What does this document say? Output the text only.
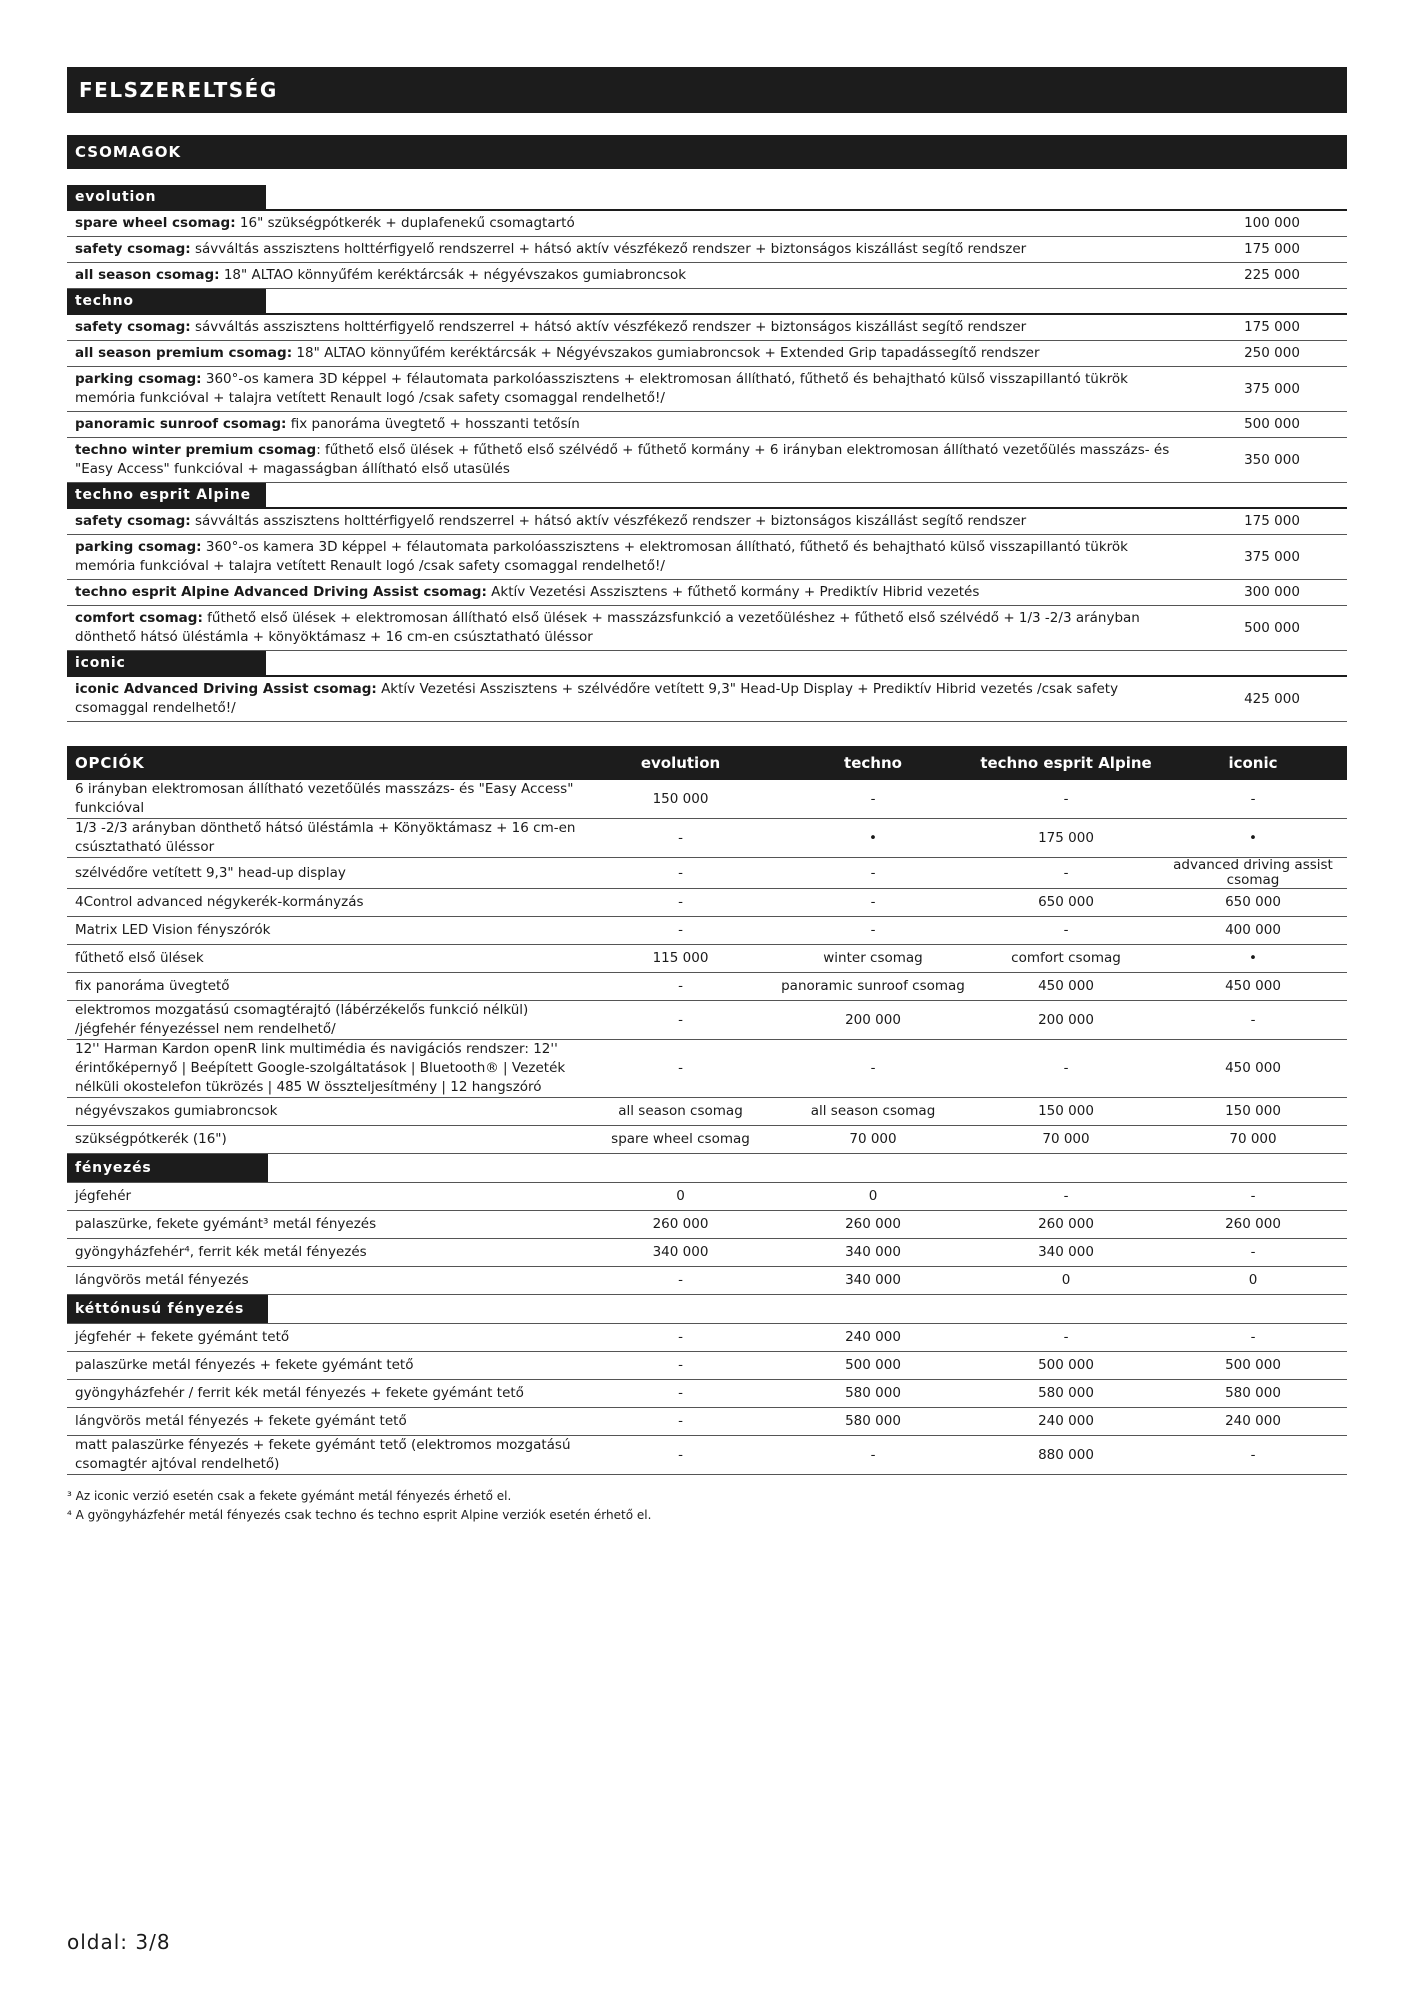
FELSZERELTSÉG
CSOMAGOK
evolution
spare wheel csomag: 16" szükségpótkerék + duplafenekű csomagtartó	100 000
safety csomag: sávváltás asszisztens holttérfigyelő rendszerrel + hátsó aktív vészfékező rendszer + biztonságos kiszállást segítő rendszer	175 000
all season csomag: 18" ALTAO könnyűfém keréktárcsák + négyévszakos gumiabroncsok	225 000
techno
safety csomag: sávváltás asszisztens holttérfigyelő rendszerrel + hátsó aktív vészfékező rendszer + biztonságos kiszállást segítő rendszer	175 000
all season premium csomag: 18" ALTAO könnyűfém keréktárcsák + Négyévszakos gumiabroncsok + Extended Grip tapadássegítő rendszer	250 000
parking csomag: 360°-os kamera 3D képpel + félautomata parkolóasszisztens + elektromosan állítható, fűthető és behajtható külső visszapillantó tükrök memória funkcióval + talajra vetített Renault logó /csak safety csomaggal rendelhető!/
375 000
panoramic sunroof csomag: fix panoráma üvegtető + hosszanti tetősín	500 000
techno winter premium csomag: fűthető első ülések + fűthető első szélvédő + fűthető kormány + 6 irányban elektromosan állítható vezetőülés masszázs- és "Easy Access" funkcióval + magasságban állítható első utasülés
350 000
techno esprit Alpine
safety csomag: sávváltás asszisztens holttérfigyelő rendszerrel + hátsó aktív vészfékező rendszer + biztonságos kiszállást segítő rendszer	175 000
parking csomag: 360°-os kamera 3D képpel + félautomata parkolóasszisztens + elektromosan állítható, fűthető és behajtható külső visszapillantó tükrök memória funkcióval + talajra vetített Renault logó /csak safety csomaggal rendelhető!/
375 000
techno esprit Alpine Advanced Driving Assist csomag: Aktív Vezetési Asszisztens + fűthető kormány + Prediktív Hibrid vezetés	300 000
comfort csomag: fűthető első ülések + elektromosan állítható első ülések + masszázsfunkció a vezetőüléshez + fűthető első szélvédő + 1/3 -2/3 arányban dönthető hátsó üléstámla + könyöktámasz + 16 cm-en csúsztatható üléssor
500 000
iconic
iconic Advanced Driving Assist csomag: Aktív Vezetési Asszisztens + szélvédőre vetített 9,3" Head-Up Display + Prediktív Hibrid vezetés /csak safety csomaggal rendelhető!/
425 000
OPCIÓK	evolution	techno	techno esprit Alpine	iconic
6 irányban elektromosan állítható vezetőülés masszázs- és "Easy Access" funkcióval
150 000	-	-	-
1/3 -2/3 arányban dönthető hátsó üléstámla + Könyöktámasz + 16 cm-en csúsztatható üléssor
-	•	175 000	•
szélvédőre vetített 9,3" head-up display	-	-	-	advanced driving assist csomag
4Control advanced négykerék-kormányzás	-	-	650 000	650 000
Matrix LED Vision fényszórók	-	-	-	400 000
fűthető első ülések	115 000	winter csomag	comfort csomag	•
fix panoráma üvegtető	-	panoramic sunroof csomag	450 000	450 000
elektromos mozgatású csomagtérajtó (lábérzékelős funkció nélkül) /jégfehér fényezéssel nem rendelhető/
-	200 000	200 000	-
12'' Harman Kardon openR link multimédia és navigációs rendszer: 12'' érintőképernyő | Beépített Google-szolgáltatások | Bluetooth® | Vezeték nélküli okostelefon tükrözés | 485 W összteljesítmény | 12 hangszóró
-	-	-	450 000
négyévszakos gumiabroncsok	all season csomag	all season csomag	150 000	150 000
szükségpótkerék (16")	spare wheel csomag	70 000	70 000	70 000
fényezés
jégfehér	0	0	-	-
palaszürke, fekete gyémánt³ metál fényezés	260 000	260 000	260 000	260 000
gyöngyházfehér⁴, ferrit kék metál fényezés	340 000	340 000	340 000	-
lángvörös metál fényezés	-	340 000	0	0
kéttónusú fényezés
jégfehér + fekete gyémánt tető	-	240 000	-	-
palaszürke metál fényezés + fekete gyémánt tető	-	500 000	500 000	500 000
gyöngyházfehér / ferrit kék metál fényezés + fekete gyémánt tető	-	580 000	580 000	580 000
lángvörös metál fényezés + fekete gyémánt tető	-	580 000	240 000	240 000
matt palaszürke fényezés + fekete gyémánt tető (elektromos mozgatású csomagtér ajtóval rendelhető)
-	-	880 000	-
³ Az iconic verzió esetén csak a fekete gyémánt metál fényezés érhető el.
⁴ A gyöngyházfehér metál fényezés csak techno és techno esprit Alpine verziók esetén érhető el.
oldal: 3/8
